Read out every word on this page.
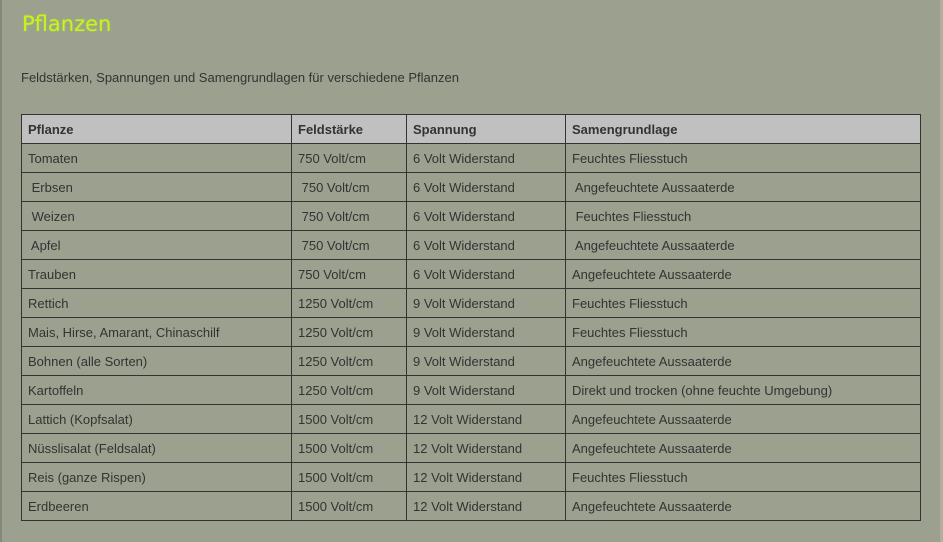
Pflanzen

Feldstärken, Spannungen und Samengrundlagen für verschiedene Pflanzen

Pflanze	Feldstärke	Spannung	Samengrundlage
Tomaten	750 Volt/cm	6 Volt Widerstand	Feuchtes Fliesstuch
Erbsen	750 Volt/cm	6 Volt Widerstand	Angefeuchtete Aussaaterde
Weizen	750 Volt/cm	6 Volt Widerstand	Feuchtes Fliesstuch
Apfel	750 Volt/cm	6 Volt Widerstand	Angefeuchtete Aussaaterde
Trauben	750 Volt/cm	6 Volt Widerstand	Angefeuchtete Aussaaterde
Rettich	1250 Volt/cm	9 Volt Widerstand	Feuchtes Fliesstuch
Mais, Hirse, Amarant, Chinaschilf	1250 Volt/cm	9 Volt Widerstand	Feuchtes Fliesstuch
Bohnen (alle Sorten)	1250 Volt/cm	9 Volt Widerstand	Angefeuchtete Aussaaterde
Kartoffeln	1250 Volt/cm	9 Volt Widerstand	Direkt und trocken (ohne feuchte Umgebung)
Lattich (Kopfsalat)	1500 Volt/cm	12 Volt Widerstand	Angefeuchtete Aussaaterde
Nüsslisalat (Feldsalat)	1500 Volt/cm	12 Volt Widerstand	Angefeuchtete Aussaaterde
Reis (ganze Rispen)	1500 Volt/cm	12 Volt Widerstand	Feuchtes Fliesstuch
Erdbeeren	1500 Volt/cm	12 Volt Widerstand	Angefeuchtete Aussaaterde
